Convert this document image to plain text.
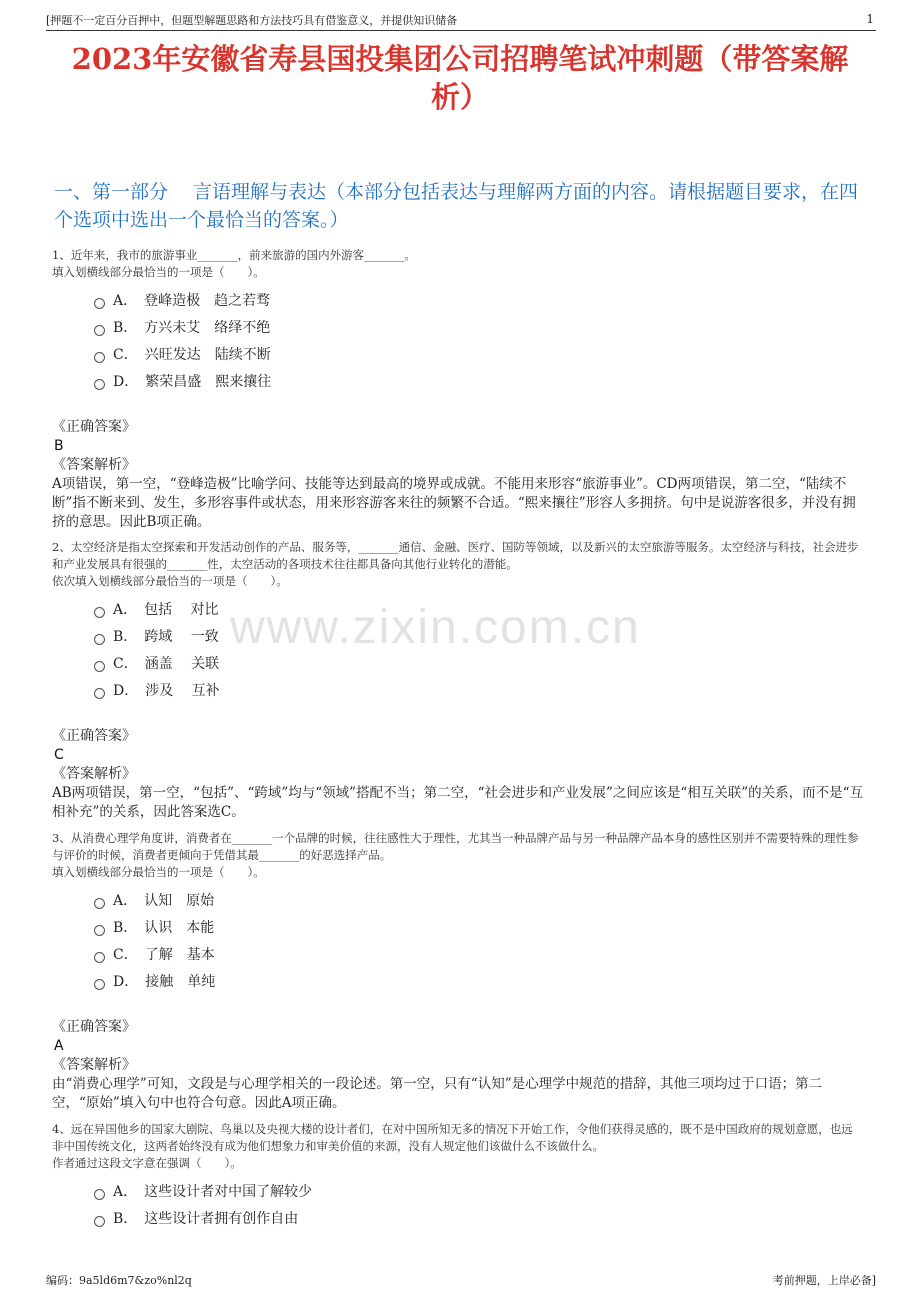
[押题不一定百分百押中，但题型解题思路和方法技巧具有借鉴意义，并提供知识储备	1
2023年安徽省寿县国投集团公司招聘笔试冲刺题（带答案解析）
一、第一部分　 言语理解与表达（本部分包括表达与理解两方面的内容。请根据题目要求，在四个选项中选出一个最恰当的答案。）
www.zixin.com.cn
1、近年来，我市的旅游事业_______，前来旅游的国内外游客_______。
填入划横线部分最恰当的一项是（　　）。
A．　登峰造极　趋之若骛
B．　方兴未艾　络绎不绝
C．　兴旺发达　陆续不断
D．　繁荣昌盛　熙来攘往
《正确答案》
B
《答案解析》
A项错误，第一空，“登峰造极”比喻学问、技能等达到最高的境界或成就。不能用来形容“旅游事业”。CD两项错误，第二空，“陆续不断”指不断来到、发生，多形容事件或状态，用来形容游客来往的频繁不合适。“熙来攘往”形容人多拥挤。句中是说游客很多，并没有拥挤的意思。因此B项正确。
2、太空经济是指太空探索和开发活动创作的产品、服务等，_______通信、金融、医疗、国防等领域，以及新兴的太空旅游等服务。太空经济与科技，社会进步和产业发展具有很强的_______性，太空活动的各项技术往往都具备向其他行业转化的潜能。
依次填入划横线部分最恰当的一项是（　　）。
A．　包括　 对比
B．　跨域　 一致
C．　涵盖　 关联
D．　涉及　 互补
《正确答案》
C
《答案解析》
AB两项错误，第一空，“包括”、“跨域”均与“领域”搭配不当；第二空，“社会进步和产业发展”之间应该是“相互关联”的关系，而不是“互相补充”的关系，因此答案选C。
3、从消费心理学角度讲，消费者在_______一个品牌的时候，往往感性大于理性，尤其当一种品牌产品与另一种品牌产品本身的感性区别并不需要特殊的理性参与评价的时候，消费者更倾向于凭借其最_______的好恶选择产品。
填入划横线部分最恰当的一项是（　　）。
A．　认知　原始
B．　认识　本能
C．　了解　基本
D．　接触　单纯
《正确答案》
A
《答案解析》
由“消费心理学”可知，文段是与心理学相关的一段论述。第一空，只有“认知”是心理学中规范的措辞，其他三项均过于口语；第二空，“原始”填入句中也符合句意。因此A项正确。
4、远在异国他乡的国家大剧院、鸟巢以及央视大楼的设计者们，在对中国所知无多的情况下开始工作，令他们获得灵感的，既不是中国政府的规划意愿，也远非中国传统文化，这两者始终没有成为他们想象力和审美价值的来源，没有人规定他们该做什么不该做什么。
作者通过这段文字意在强调（　　）。
A．　这些设计者对中国了解较少
B．　这些设计者拥有创作自由
编码：9a5ld6m7&zo%nl2q	考前押题，上岸必备]
